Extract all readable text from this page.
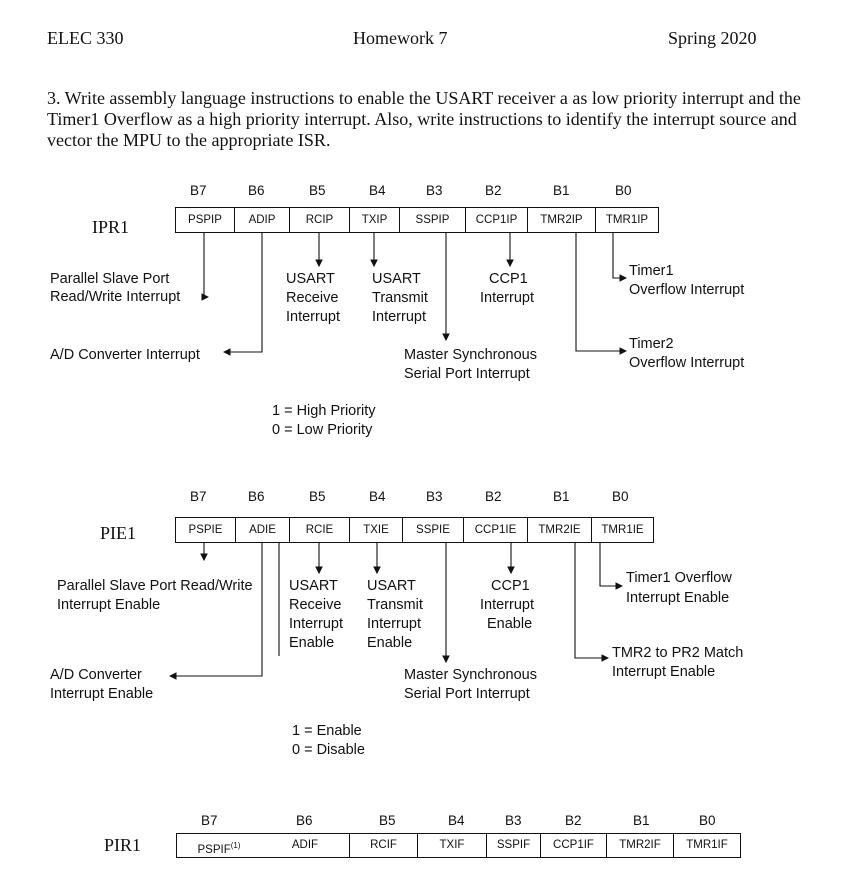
ELEC 330	Homework 7	Spring 2020
3. Write assembly language instructions to enable the USART receiver a as low priority interrupt and the Timer1 Overflow as a high priority interrupt. Also, write instructions to identify the interrupt source and vector the MPU to the appropriate ISR.
IPR1
B7	B6	B5	B4	B3	B2	B1	B0
PSPIP	ADIP	RCIP	TXIP	SSPIP	CCP1IP	TMR2IP	TMR1IP
Parallel Slave Port
Read/Write Interrupt
A/D Converter Interrupt
USART
Receive
Interrupt
USART
Transmit
Interrupt
CCP1
Interrupt
Master Synchronous
Serial Port Interrupt
Timer1
Overflow Interrupt
Timer2
Overflow Interrupt
1 = High Priority
0 = Low Priority
PIE1
B7	B6	B5	B4	B3	B2	B1	B0
PSPIE	ADIE	RCIE	TXIE	SSPIE	CCP1IE	TMR2IE	TMR1IE
Parallel Slave Port Read/Write
Interrupt Enable
A/D Converter
Interrupt Enable
USART
Receive
Interrupt
Enable
USART
Transmit
Interrupt
Enable
CCP1
Interrupt
Enable
Master Synchronous
Serial Port Interrupt
Timer1 Overflow
Interrupt Enable
TMR2 to PR2 Match
Interrupt Enable
1 = Enable
0 = Disable
PIR1
B7	B6	B5	B4	B3	B2	B1	B0
PSPIF$^{(1)}$	ADIF	RCIF	TXIF	SSPIF	CCP1IF	TMR2IF	TMR1IF
